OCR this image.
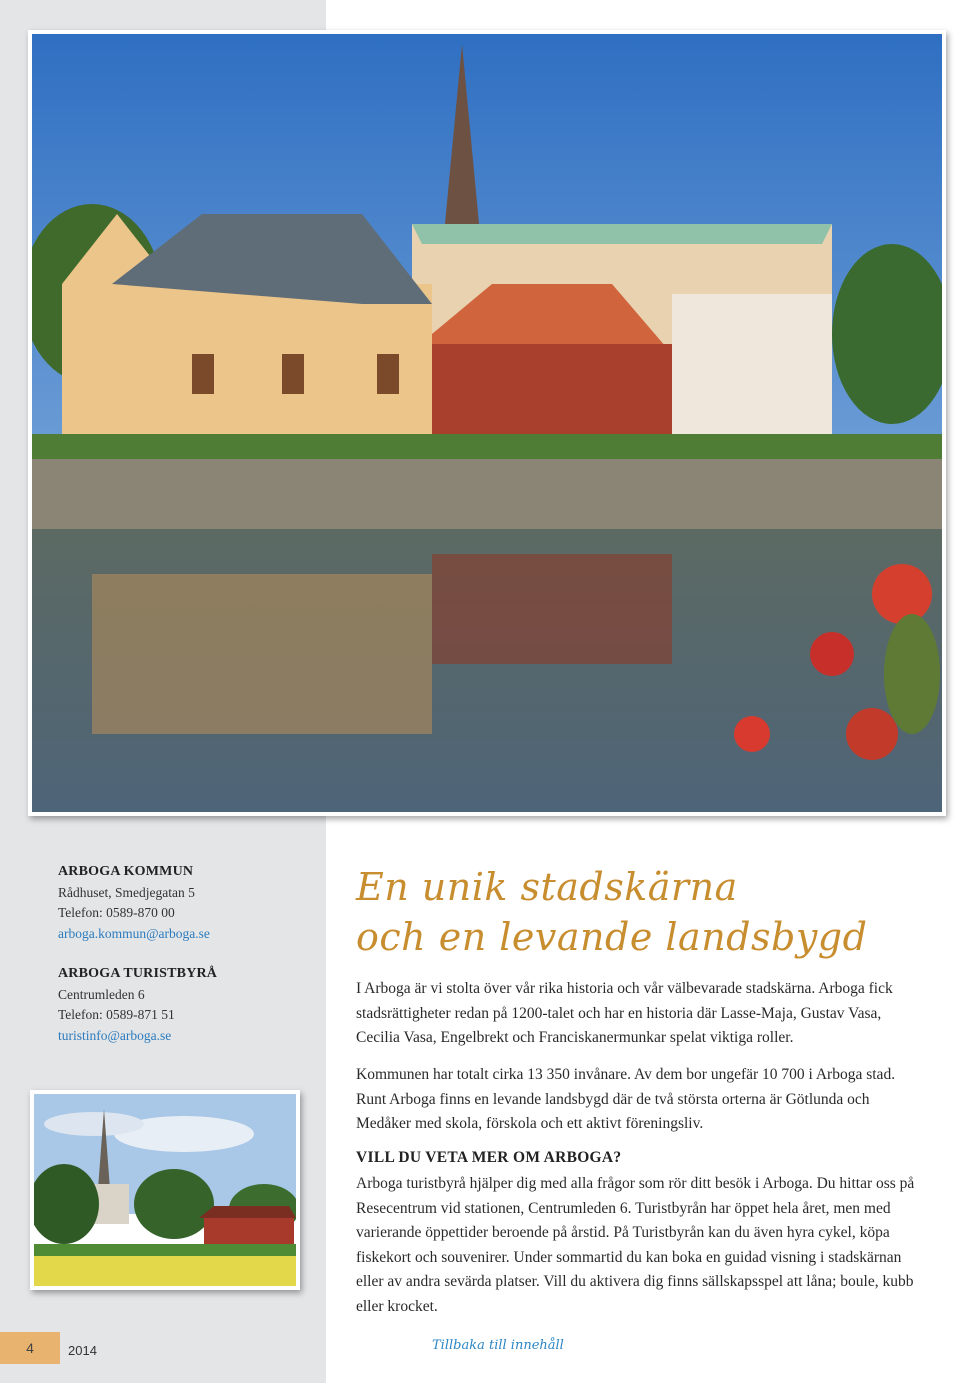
ARBOGA KOMMUN
Rådhuset, Smedjegatan 5
Telefon: 0589-870 00
arboga.kommun@arboga.se
ARBOGA TURISTBYRÅ
Centrumleden 6
Telefon: 0589-871 51
turistinfo@arboga.se
En unik stadskärna
och en levande landsbygd
I Arboga är vi stolta över vår rika historia och vår välbevarade stadskärna. Arboga fick stadsrättigheter redan på 1200-talet och har en historia där Lasse-Maja, Gustav Vasa, Cecilia Vasa, Engelbrekt och Franciskanermunkar spelat viktiga roller.
Kommunen har totalt cirka 13 350 invånare. Av dem bor ungefär 10 700 i Arboga stad. Runt Arboga finns en levande landsbygd där de två största orterna är Götlunda och Medåker med skola, förskola och ett aktivt föreningsliv.
VILL DU VETA MER OM ARBOGA?
Arboga turistbyrå hjälper dig med alla frågor som rör ditt besök i Arboga. Du hittar oss på Resecentrum vid stationen, Centrumleden 6. Turistbyrån har öppet hela året, men med varierande öppettider beroende på årstid. På Turistbyrån kan du även hyra cykel, köpa fiskekort och souvenirer. Under sommartid du kan boka en guidad visning i stadskärnan eller av andra sevärda platser. Vill du aktivera dig finns sällskapsspel att låna; boule, kubb eller krocket.
4	2014	Tillbaka till innehåll
